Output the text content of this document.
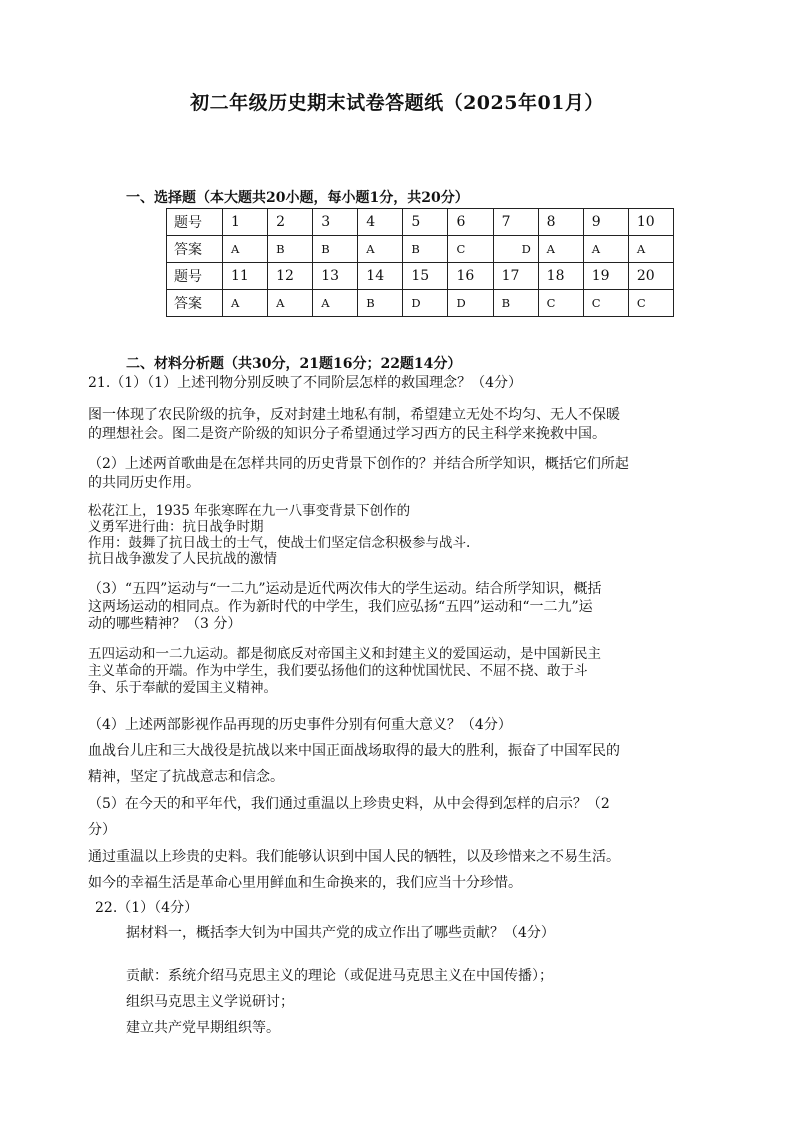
初二年级历史期末试卷答题纸（2025年01月）
一、选择题（本大题共20小题，每小题1分，共20分）
题号	1	2	3	4	5	6	7	8	9	10
答案	A	B	B	A	B	C	D	A	A	A
题号	11	12	13	14	15	16	17	18	19	20
答案	A	A	A	B	D	D	B	C	C	C
二、材料分析题（共30分，21题16分；22题14分）
21.（1）（1）上述刊物分别反映了不同阶层怎样的救国理念？（4分）
图一体现了农民阶级的抗争，反对封建土地私有制，希望建立无处不均匀、无人不保暖
的理想社会。图二是资产阶级的知识分子希望通过学习西方的民主科学来挽救中国。
（2）上述两首歌曲是在怎样共同的历史背景下创作的？并结合所学知识，概括它们所起
的共同历史作用。
松花江上，1935 年张寒晖在九一八事变背景下创作的
义勇军进行曲：抗日战争时期
作用：鼓舞了抗日战士的士气，使战士们坚定信念积极参与战斗.
抗日战争激发了人民抗战的激情
（3）“五四”运动与“一二九”运动是近代两次伟大的学生运动。结合所学知识，概括
这两场运动的相同点。作为新时代的中学生，我们应弘扬“五四”运动和“一二九”运
动的哪些精神？（3 分）
五四运动和一二九运动。都是彻底反对帝国主义和封建主义的爱国运动，是中国新民主
主义革命的开端。作为中学生，我们要弘扬他们的这种忧国忧民、不屈不挠、敢于斗
争、乐于奉献的爱国主义精神。
（4）上述两部影视作品再现的历史事件分别有何重大意义？（4分）
血战台儿庄和三大战役是抗战以来中国正面战场取得的最大的胜利，振奋了中国军民的
精神，坚定了抗战意志和信念。
（5）在今天的和平年代，我们通过重温以上珍贵史料，从中会得到怎样的启示？（2
分）
通过重温以上珍贵的史料。我们能够认识到中国人民的牺牲，以及珍惜来之不易生活。
如今的幸福生活是革命心里用鲜血和生命换来的，我们应当十分珍惜。
22.（1）（4分）
据材料一，概括李大钊为中国共产党的成立作出了哪些贡献？（4分）
贡献：系统介绍马克思主义的理论（或促进马克思主义在中国传播）；
组织马克思主义学说研讨；
建立共产党早期组织等。
